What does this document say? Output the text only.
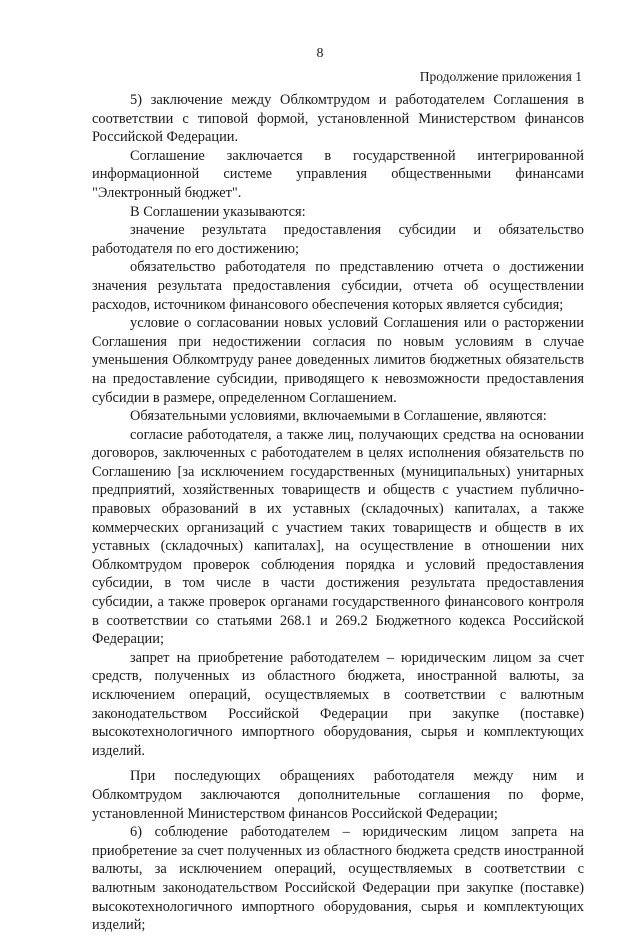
8
Продолжение приложения 1

5) заключение между Облкомтрудом и работодателем Соглашения в соответствии с типовой формой, установленной Министерством финансов Российской Федерации.

Соглашение заключается в государственной интегрированной информационной системе управления общественными финансами "Электронный бюджет".

В Соглашении указываются:

значение результата предоставления субсидии и обязательство работодателя по его достижению;

обязательство работодателя по представлению отчета о достижении значения результата предоставления субсидии, отчета об осуществлении расходов, источником финансового обеспечения которых является субсидия;

условие о согласовании новых условий Соглашения или о расторжении Соглашения при недостижении согласия по новым условиям в случае уменьшения Облкомтруду ранее доведенных лимитов бюджетных обязательств на предоставление субсидии, приводящего к невозможности предоставления субсидии в размере, определенном Соглашением.

Обязательными условиями, включаемыми в Соглашение, являются:

согласие работодателя, а также лиц, получающих средства на основании договоров, заключенных с работодателем в целях исполнения обязательств по Соглашению [за исключением государственных (муниципальных) унитарных предприятий, хозяйственных товариществ и обществ с участием публично-правовых образований в их уставных (складочных) капиталах, а также коммерческих организаций с участием таких товариществ и обществ в их уставных (складочных) капиталах], на осуществление в отношении них Облкомтрудом проверок соблюдения порядка и условий предоставления субсидии, в том числе в части достижения результата предоставления субсидии, а также проверок органами государственного финансового контроля в соответствии со статьями 268.1 и 269.2 Бюджетного кодекса Российской Федерации;

запрет на приобретение работодателем – юридическим лицом за счет средств, полученных из областного бюджета, иностранной валюты, за исключением операций, осуществляемых в соответствии с валютным законодательством Российской Федерации при закупке (поставке) высокотехнологичного импортного оборудования, сырья и комплектующих изделий.

При последующих обращениях работодателя между ним и Облкомтрудом заключаются дополнительные соглашения по форме, установленной Министерством финансов Российской Федерации;

6) соблюдение работодателем – юридическим лицом запрета на приобретение за счет полученных из областного бюджета средств иностранной валюты, за исключением операций, осуществляемых в соответствии с валютным законодательством Российской Федерации при закупке (поставке) высокотехнологичного импортного оборудования, сырья и комплектующих изделий;
